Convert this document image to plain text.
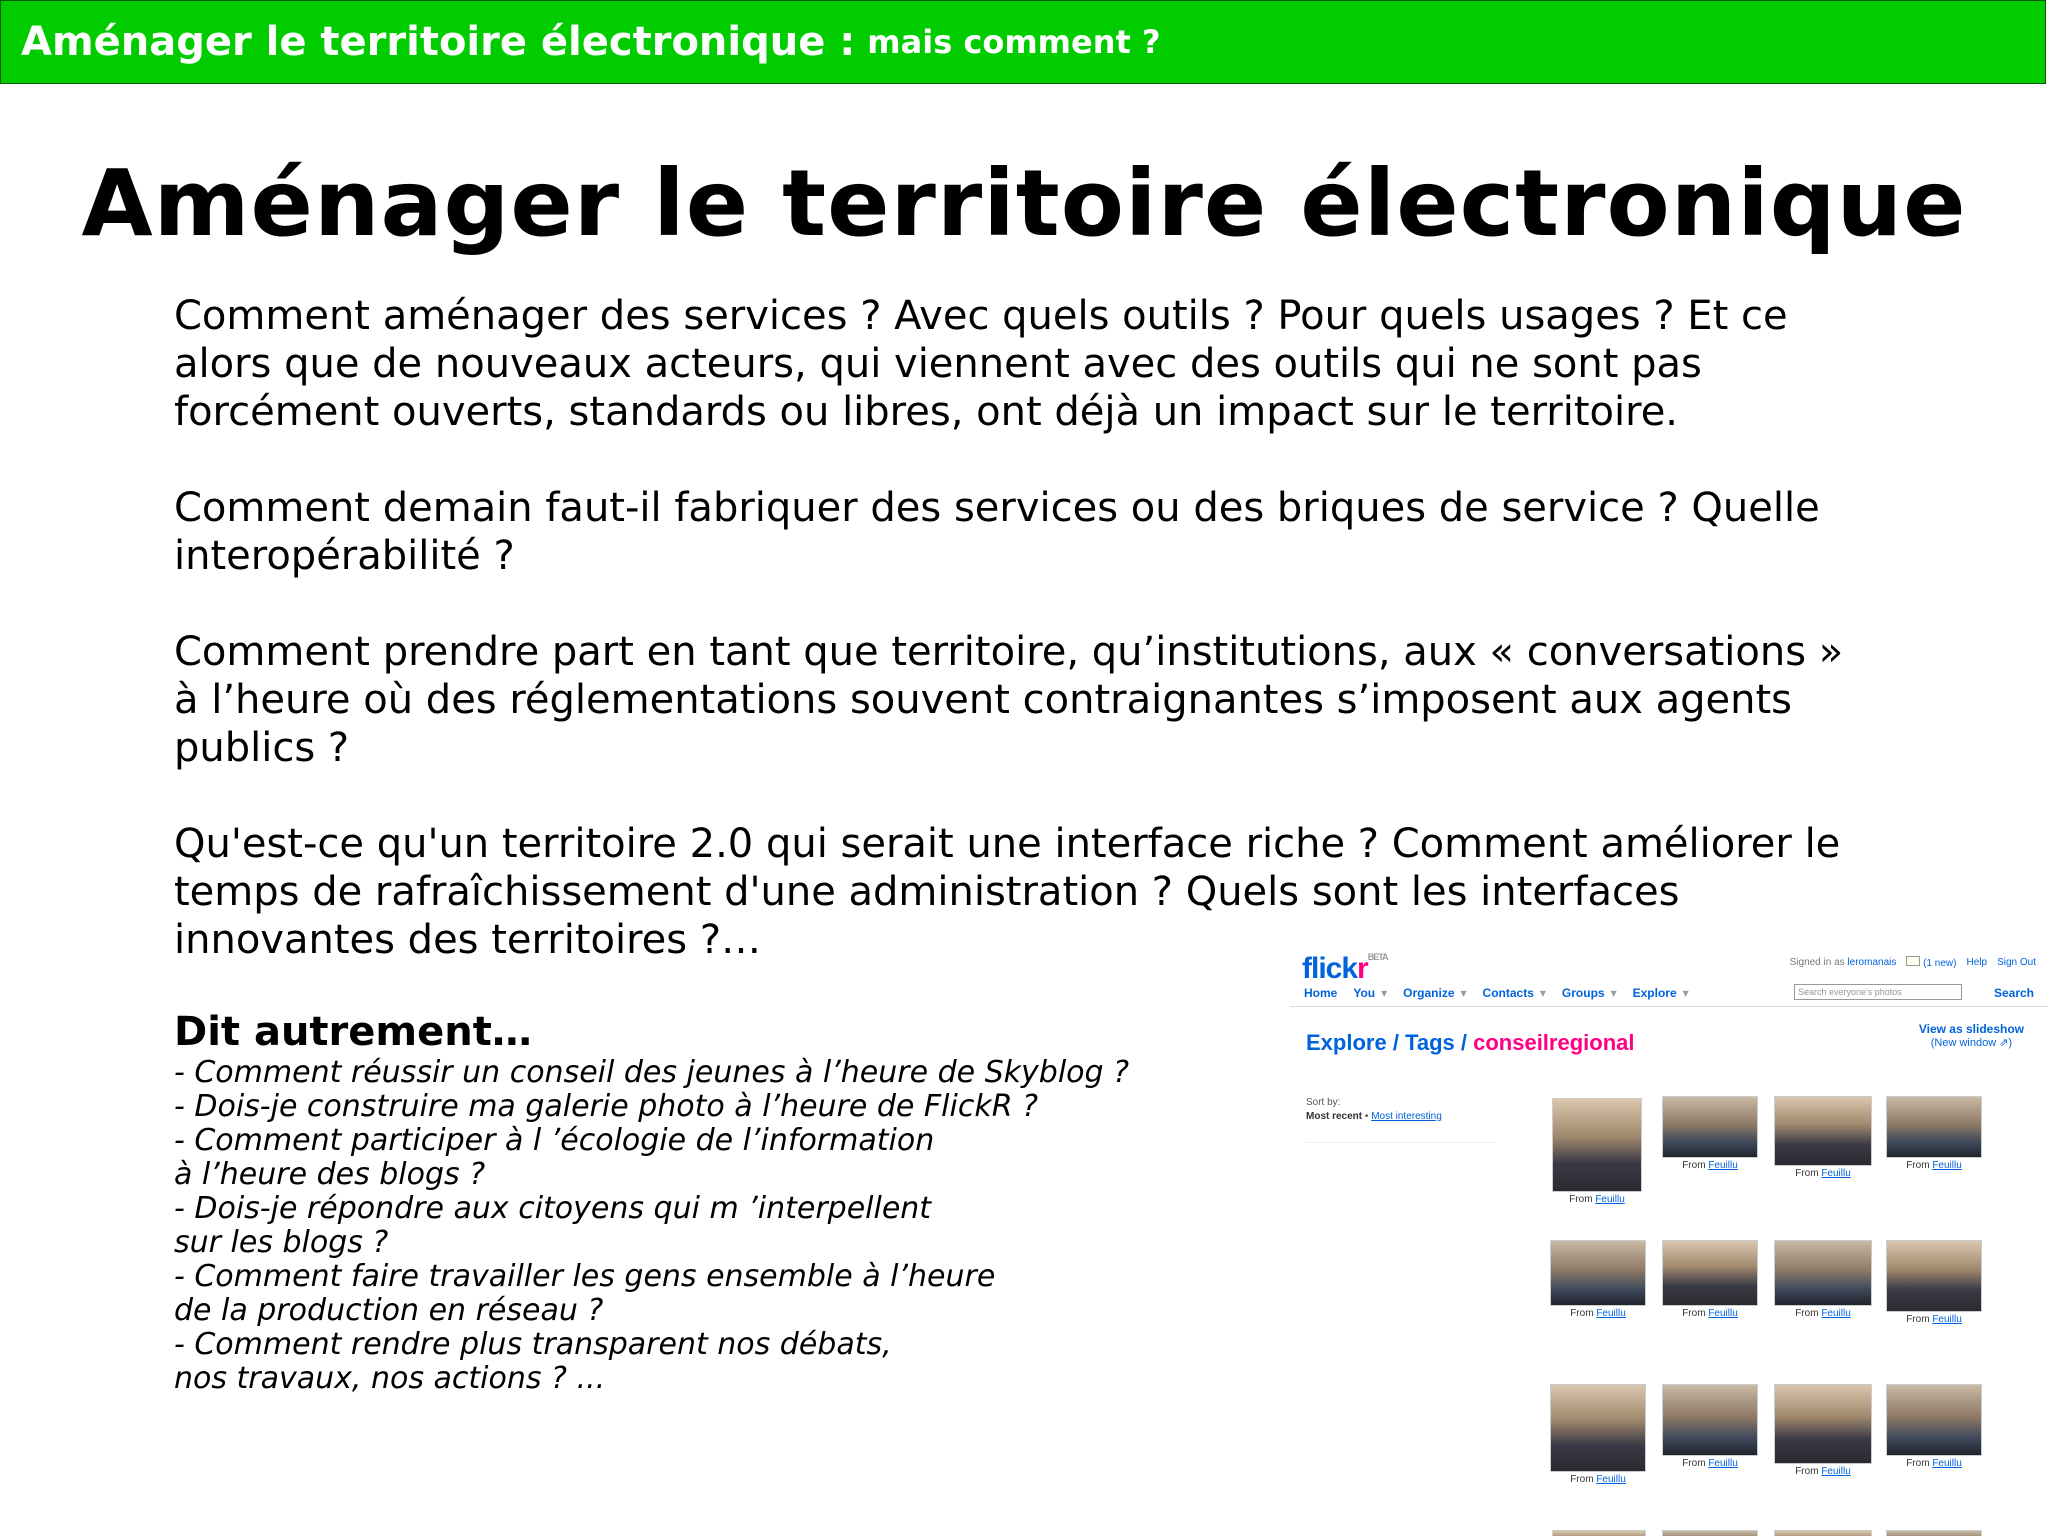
Aménager le territoire électronique : mais comment ?
Aménager le territoire électronique

Comment aménager des services ? Avec quels outils ? Pour quels usages ? Et ce alors que de nouveaux acteurs, qui viennent avec des outils qui ne sont pas forcément ouverts, standards ou libres, ont déjà un impact sur le territoire.

Comment demain faut-il fabriquer des services ou des briques de service ? Quelle interopérabilité ?

Comment prendre part en tant que territoire, qu’institutions, aux « conversations » à l’heure où des réglementations souvent contraignantes s’imposent aux agents publics ?

Qu'est-ce qu'un territoire 2.0 qui serait une interface riche ? Comment améliorer le temps de rafraîchissement d'une administration ? Quels sont les interfaces innovantes des territoires ?…

Dit autrement…
- Comment réussir un conseil des jeunes à l’heure de Skyblog ?
- Dois-je construire ma galerie photo à l’heure de FlickR ?
- Comment participer à l ’écologie de l’information
à l’heure des blogs ?
- Dois-je répondre aux citoyens qui m ’interpellent
sur les blogs ?
- Comment faire travailler les gens ensemble à l’heure
de la production en réseau ?
- Comment rendre plus transparent nos débats,
nos travaux, nos actions ? ...
flickr$^{BETA}$	Signed in as leromanais	(1 new) Help Sign Out
Home You ▾ Organize ▾ Contacts ▾ Groups ▾ Explore ▾	Search everyone's photos	Search
Explore / Tags / conseilregional
View as slideshow
(New window ⇗)
Sort by:
Most recent • Most interesting
From Feuillu
From Feuillu
From Feuillu
From Feuillu
From Feuillu	From Feuillu	From Feuillu
From Feuillu
From Feuillu
From Feuillu
From Feuillu
From Feuillu
